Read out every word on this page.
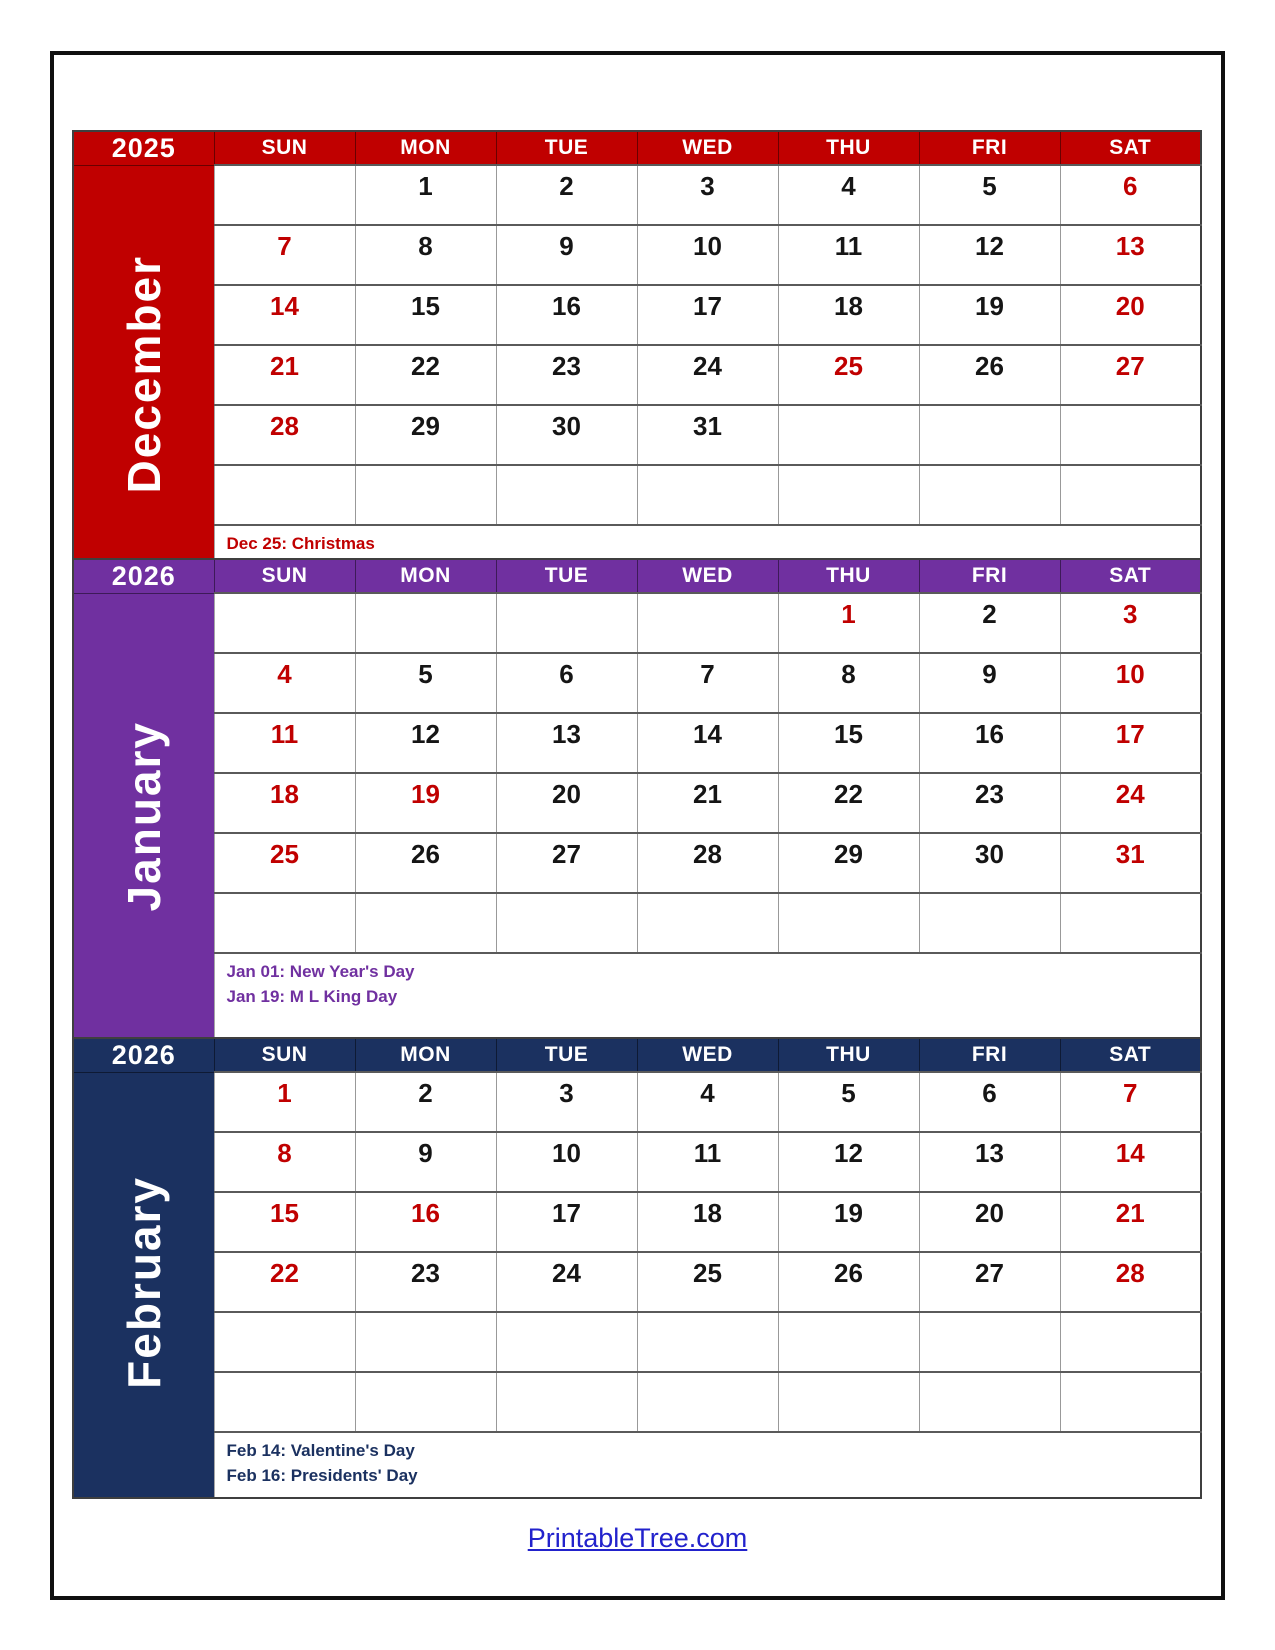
2025	SUN	MON	TUE	WED	THU	FRI	SAT
December		1	2	3	4	5	6
	7	8	9	10	11	12	13
	14	15	16	17	18	19	20
	21	22	23	24	25	26	27
	28	29	30	31			

	Dec 25: Christmas						
2026	SUN	MON	TUE	WED	THU	FRI	SAT
January					1	2	3
	4	5	6	7	8	9	10
	11	12	13	14	15	16	17
	18	19	20	21	22	23	24
	25	26	27	28	29	30	31

	Jan 01: New Year's Day
Jan 19: M L King Day						
2026	SUN	MON	TUE	WED	THU	FRI	SAT
February	1	2	3	4	5	6	7
	8	9	10	11	12	13	14
	15	16	17	18	19	20	21
	22	23	24	25	26	27	28

	Feb 14: Valentine's Day
Feb 16: Presidents' Day						
PrintableTree.com
